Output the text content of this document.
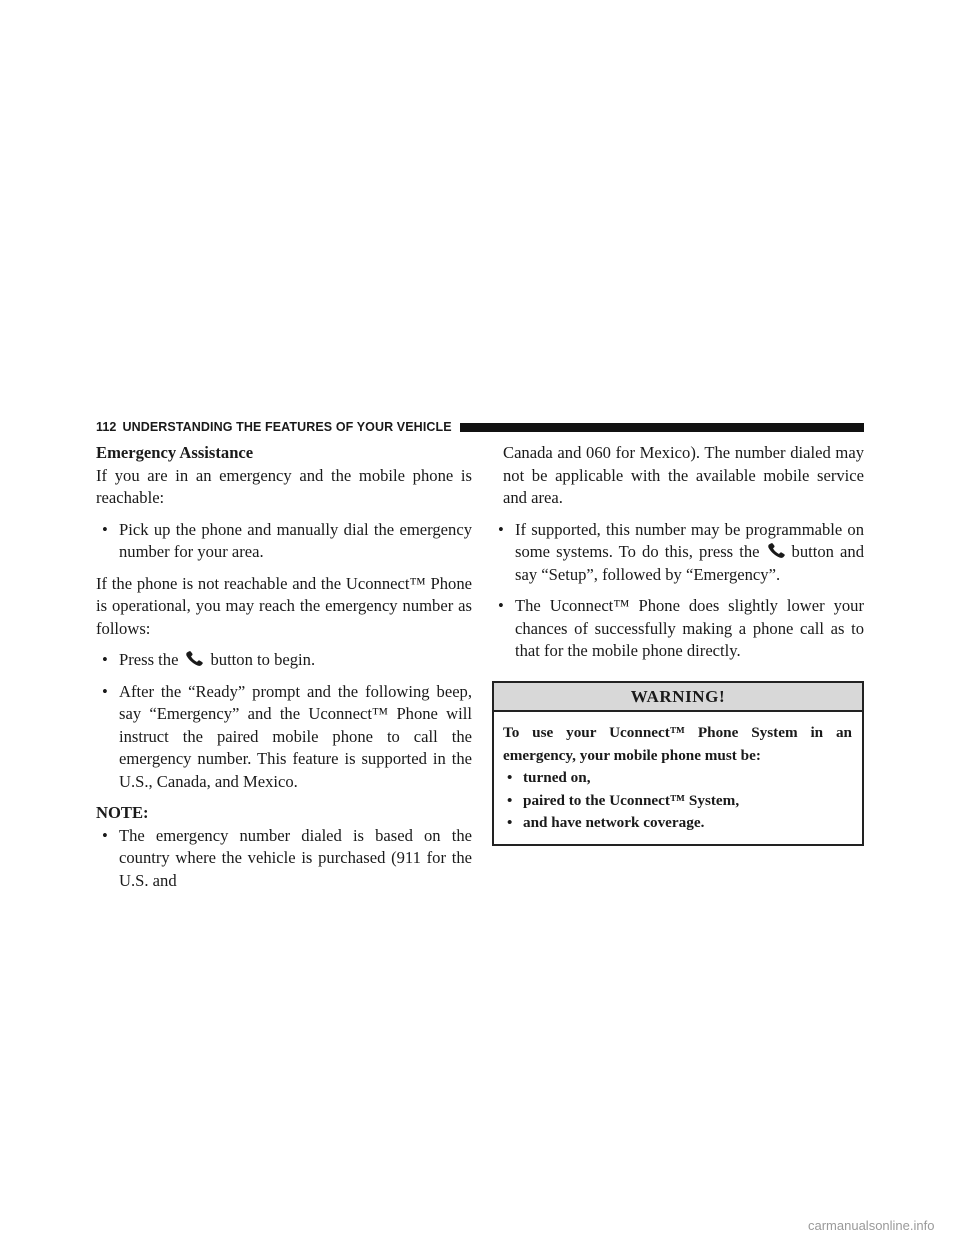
112 UNDERSTANDING THE FEATURES OF YOUR VEHICLE

Emergency Assistance

If you are in an emergency and the mobile phone is reachable:

• Pick up the phone and manually dial the emergency number for your area.

If the phone is not reachable and the Uconnect™ Phone is operational, you may reach the emergency number as follows:

• Press the button to begin.
• After the “Ready” prompt and the following beep, say “Emergency” and the Uconnect™ Phone will instruct the paired mobile phone to call the emergency number. This feature is supported in the U.S., Canada, and Mexico.

NOTE:

• The emergency number dialed is based on the country where the vehicle is purchased (911 for the U.S. and
Canada and 060 for Mexico). The number dialed may not be applicable with the available mobile service and area.
• If supported, this number may be programmable on some systems. To do this, press the button and say “Setup”, followed by “Emergency”.
• The Uconnect™ Phone does slightly lower your chances of successfully making a phone call as to that for the mobile phone directly.
WARNING!

To use your Uconnect™ Phone System in an emergency, your mobile phone must be:

• turned on,
• paired to the Uconnect™ System,
• and have network coverage.
carmanualsonline.info
